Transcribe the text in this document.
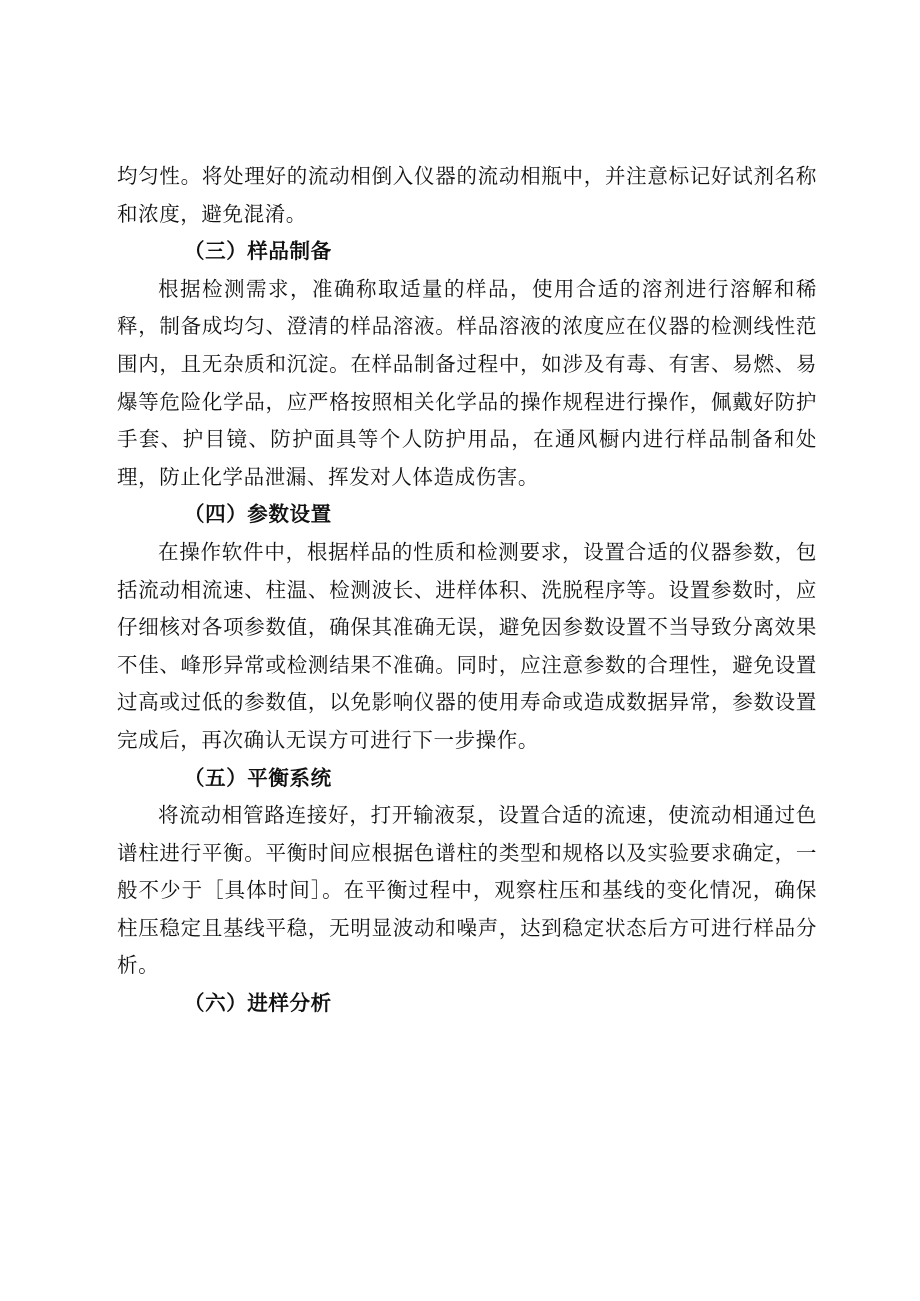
均匀性。将处理好的流动相倒入仪器的流动相瓶中，并注意标记好试剂名称和浓度，避免混淆。

（三）样品制备

根据检测需求，准确称取适量的样品，使用合适的溶剂进行溶解和稀释，制备成均匀、澄清的样品溶液。样品溶液的浓度应在仪器的检测线性范围内，且无杂质和沉淀。在样品制备过程中，如涉及有毒、有害、易燃、易爆等危险化学品，应严格按照相关化学品的操作规程进行操作，佩戴好防护手套、护目镜、防护面具等个人防护用品，在通风橱内进行样品制备和处理，防止化学品泄漏、挥发对人体造成伤害。

（四）参数设置

在操作软件中，根据样品的性质和检测要求，设置合适的仪器参数，包括流动相流速、柱温、检测波长、进样体积、洗脱程序等。设置参数时，应仔细核对各项参数值，确保其准确无误，避免因参数设置不当导致分离效果不佳、峰形异常或检测结果不准确。同时，应注意参数的合理性，避免设置过高或过低的参数值，以免影响仪器的使用寿命或造成数据异常，参数设置完成后，再次确认无误方可进行下一步操作。

（五）平衡系统

将流动相管路连接好，打开输液泵，设置合适的流速，使流动相通过色谱柱进行平衡。平衡时间应根据色谱柱的类型和规格以及实验要求确定，一般不少于［具体时间］。在平衡过程中，观察柱压和基线的变化情况，确保柱压稳定且基线平稳，无明显波动和噪声，达到稳定状态后方可进行样品分析。

（六）进样分析
